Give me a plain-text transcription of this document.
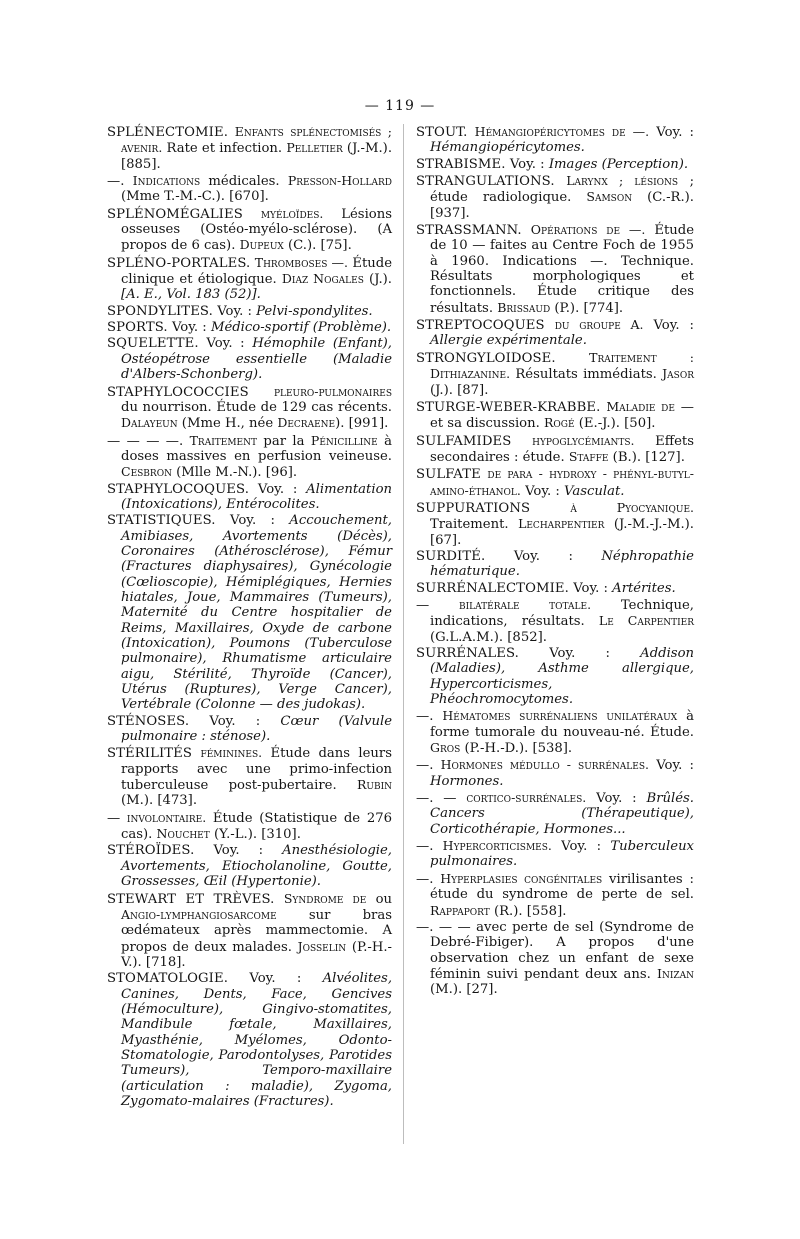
— 119 —

SPLÉNECTOMIE. Enfants splénectomisés ; avenir. Rate et infection. Pelletier (J.-M.). [885].

—. Indications médicales. Presson-Hollard (Mme T.-M.-C.). [670].

SPLÉNOMÉGALIES myéloïdes. Lésions osseuses (Ostéo-myélo-sclérose). (A propos de 6 cas). Dupeux (C.). [75].

SPLÉNO-PORTALES. Thromboses —. Étude clinique et étiologique. Diaz Nogales (J.). [A. E., Vol. 183 (52)].

SPONDYLITES. Voy. : Pelvi-spondylites.

SPORTS. Voy. : Médico-sportif (Problème).

SQUELETTE. Voy. : Hémophile (Enfant), Ostéopétrose essentielle (Maladie d'Albers-Schonberg).

STAPHYLOCOCCIES pleuro-pulmonaires du nourrison. Étude de 129 cas récents. Dalayeun (Mme H., née Decraene). [991].

— — — —. Traitement par la Pénicilline à doses massives en perfusion veineuse. Cesbron (Mlle M.-N.). [96].

STAPHYLOCOQUES. Voy. : Alimentation (Intoxications), Entérocolites.

STATISTIQUES. Voy. : Accouchement, Amibiases, Avortements (Décès), Coronaires (Athérosclérose), Fémur (Fractures diaphysaires), Gynécologie (Cœlioscopie), Hémiplégiques, Hernies hiatales, Joue, Mammaires (Tumeurs), Maternité du Centre hospitalier de Reims, Maxillaires, Oxyde de carbone (Intoxication), Poumons (Tuberculose pulmonaire), Rhumatisme articulaire aigu, Stérilité, Thyroïde (Cancer), Utérus (Ruptures), Verge Cancer), Vertébrale (Colonne — des judokas).

STÉNOSES. Voy. : Cœur (Valvule pulmonaire : sténose).

STÉRILITÉS féminines. Étude dans leurs rapports avec une primo-infection tuberculeuse post-pubertaire. Rubin (M.). [473].

— involontaire. Étude (Statistique de 276 cas). Nouchet (Y.-L.). [310].

STÉROÏDES. Voy. : Anesthésiologie, Avortements, Etiocholanoline, Goutte, Grossesses, Œil (Hypertonie).

STEWART ET TRÈVES. Syndrome de ou Angio-lymphangiosarcome sur bras œdémateux après mammectomie. A propos de deux malades. Josselin (P.-H.-V.). [718].

STOMATOLOGIE. Voy. : Alvéolites, Canines, Dents, Face, Gencives (Hémoculture), Gingivo-stomatites, Mandibule fœtale, Maxillaires, Myasthénie, Myélomes, Odonto-Stomatologie, Parodontolyses, Parotides Tumeurs), Temporo-maxillaire (articulation : maladie), Zygoma, Zygomato-malaires (Fractures).

STOUT. Hémangiopéricytomes de —. Voy. : Hémangiopéricytomes.

STRABISME. Voy. : Images (Perception).

STRANGULATIONS. Larynx ; lésions ; étude radiologique. Samson (C.-R.). [937].

STRASSMANN. Opérations de —. Étude de 10 — faites au Centre Foch de 1955 à 1960. Indications —. Technique. Résultats morphologiques et fonctionnels. Étude critique des résultats. Brissaud (P.). [774].

STREPTOCOQUES du groupe A. Voy. : Allergie expérimentale.

STRONGYLOIDOSE. Traitement : Dithiazanine. Résultats immédiats. Jasor (J.). [87].

STURGE-WEBER-KRABBE. Maladie de — et sa discussion. Rogé (E.-J.). [50].

SULFAMIDES hypoglycémiants. Effets secondaires : étude. Staffe (B.). [127].

SULFATE de para - hydroxy - phényl-butyl-amino-éthanol. Voy. : Vasculat.

SUPPURATIONS à Pyocyanique. Traitement. Lecharpentier (J.-M.-J.-M.). [67].

SURDITÉ. Voy. : Néphropathie hématurique.

SURRÉNALECTOMIE. Voy. : Artérites.

— bilatérale totale. Technique, indications, résultats. Le Carpentier (G.L.A.M.). [852].

SURRÉNALES. Voy. : Addison (Maladies), Asthme allergique, Hypercorticismes, Phéochromocytomes.

—. Hématomes surrénaliens unilatéraux à forme tumorale du nouveau-né. Étude. Gros (P.-H.-D.). [538].

—. Hormones médullo - surrénales. Voy. : Hormones.

—. — cortico-surrénales. Voy. : Brûlés. Cancers (Thérapeutique), Corticothérapie, Hormones...

—. Hypercorticismes. Voy. : Tuberculeux pulmonaires.

—. Hyperplasies congénitales virilisantes : étude du syndrome de perte de sel. Rappaport (R.). [558].

—. — — avec perte de sel (Syndrome de Debré-Fibiger). A propos d'une observation chez un enfant de sexe féminin suivi pendant deux ans. Inizan (M.). [27].
